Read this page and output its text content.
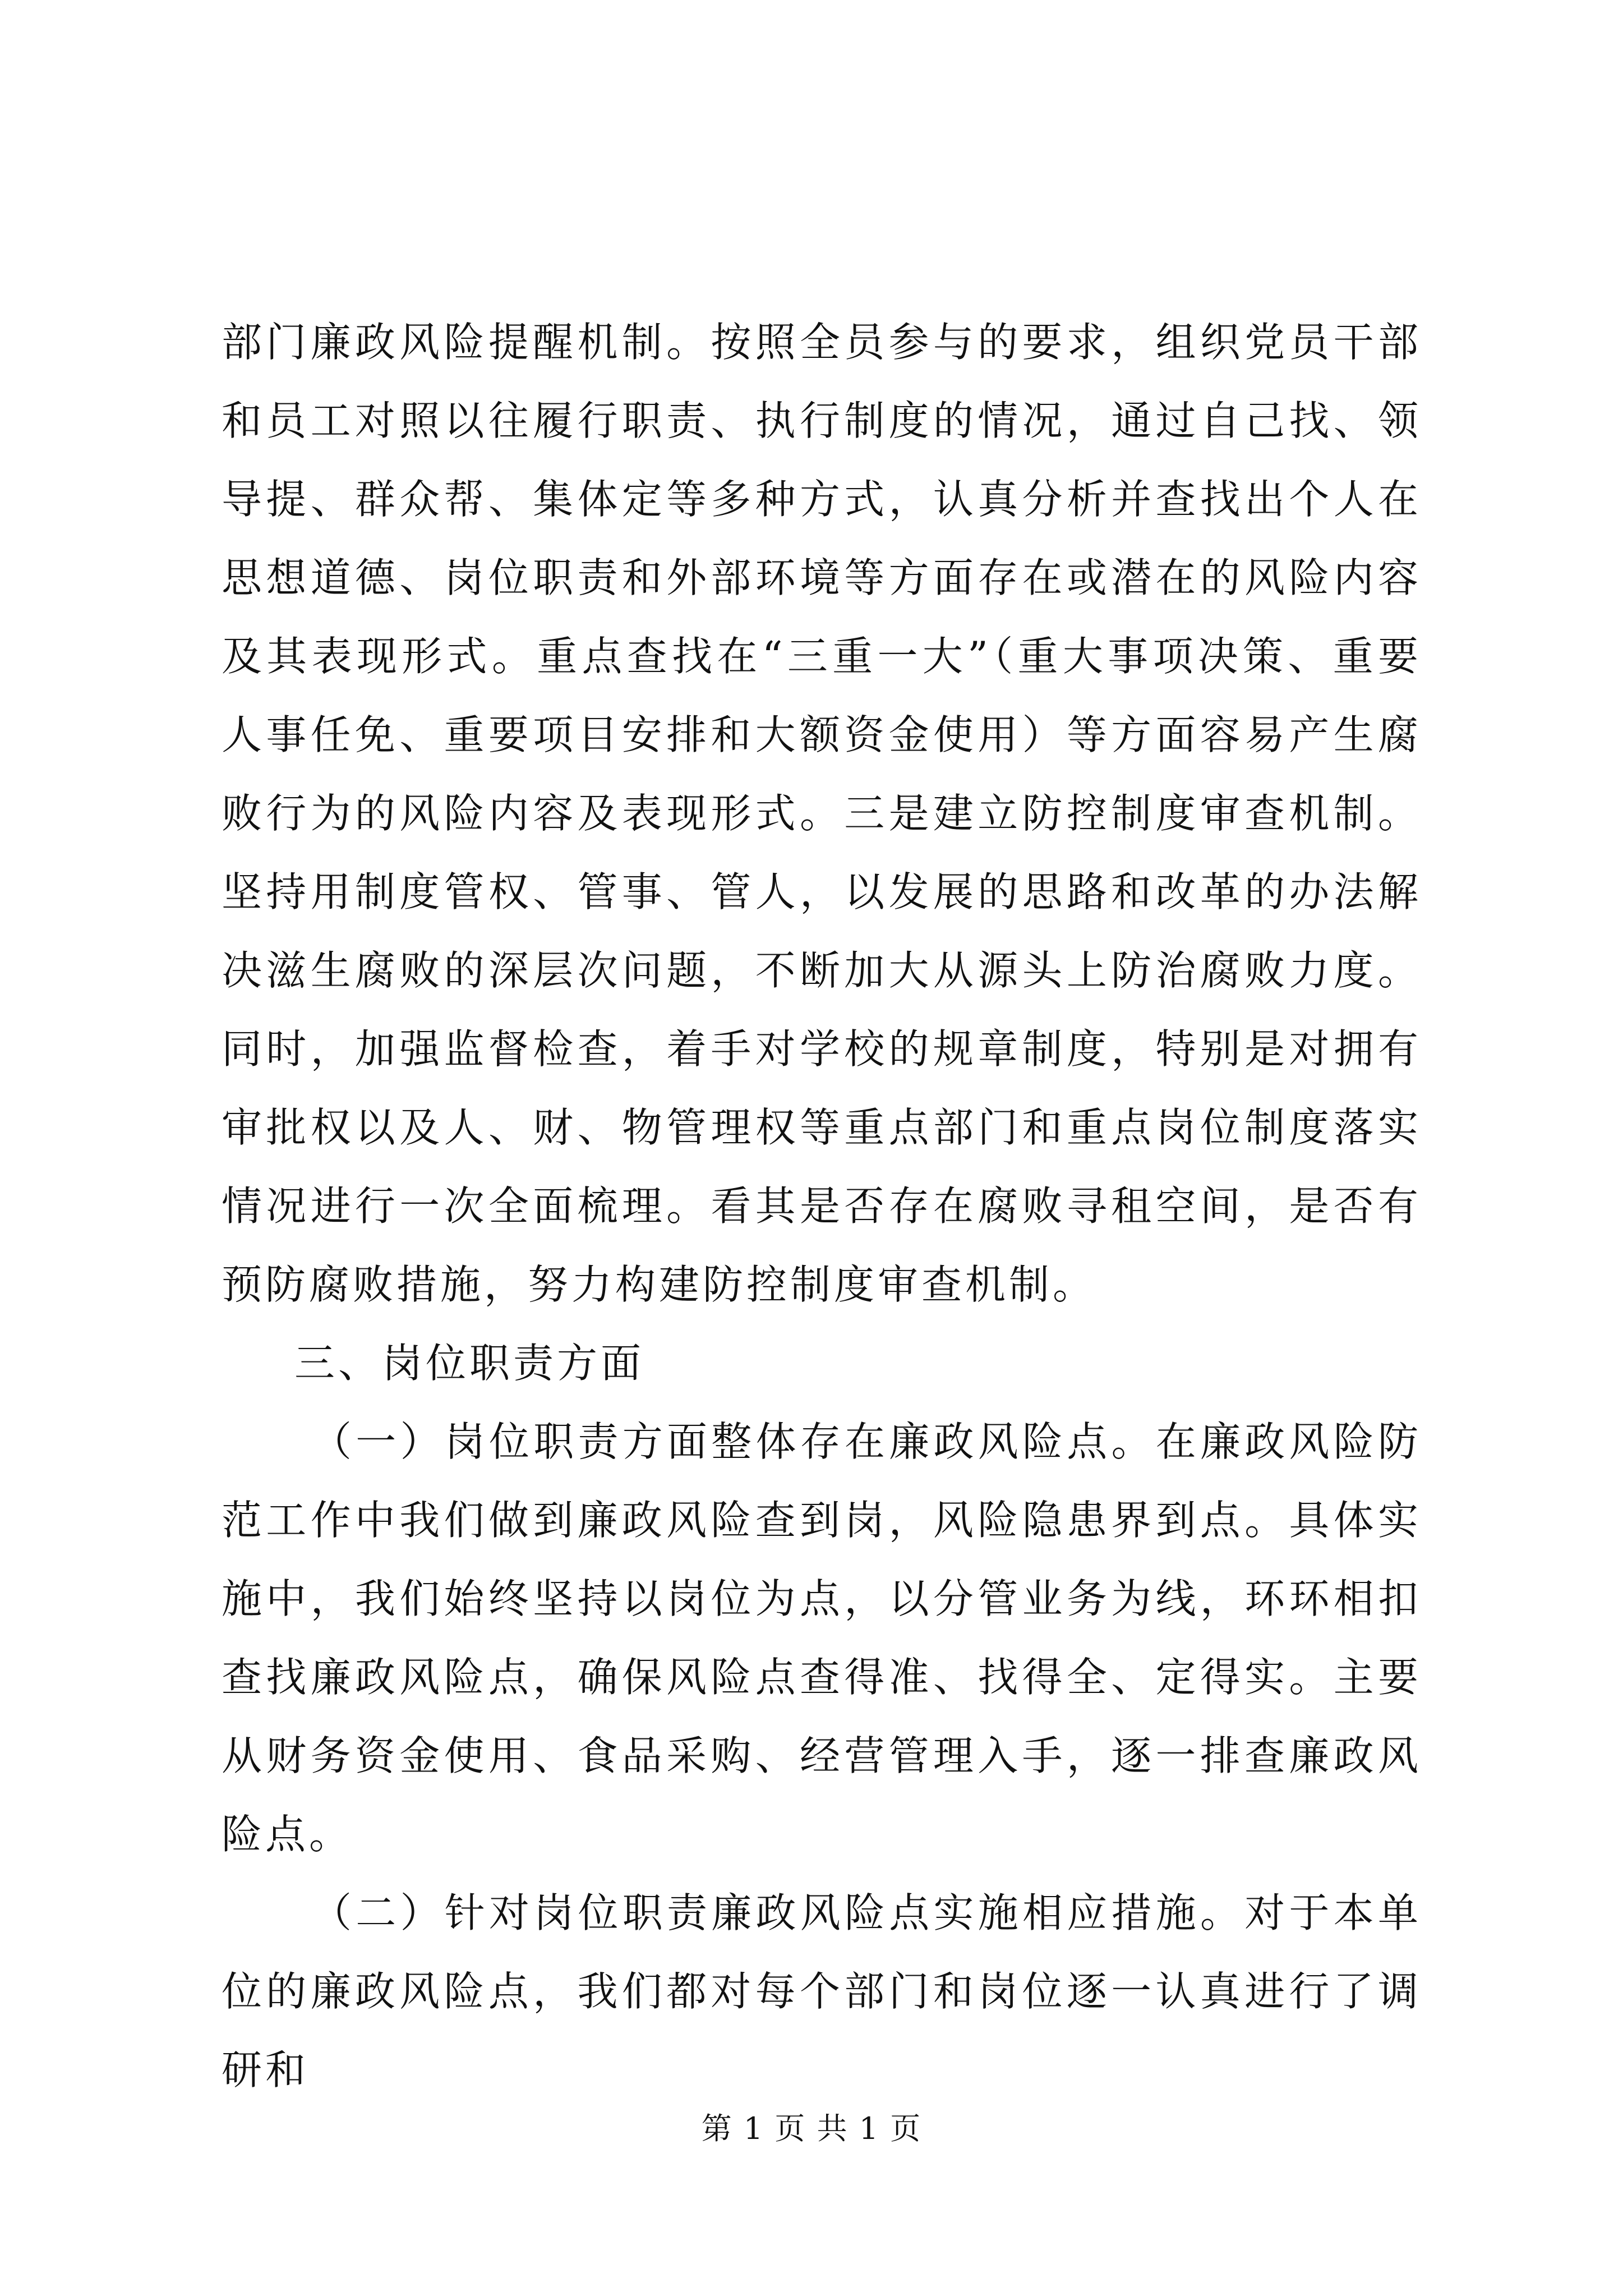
部门廉政风险提醒机制。按照全员参与的要求，组织党员干部和员工对照以往履行职责、执行制度的情况，通过自己找、领导提、群众帮、集体定等多种方式，认真分析并查找出个人在思想道德、岗位职责和外部环境等方面存在或潜在的风险内容及其表现形式。重点查找在“三重一大”（重大事项决策、重要人事任免、重要项目安排和大额资金使用）等方面容易产生腐败行为的风险内容及表现形式。三是建立防控制度审查机制。坚持用制度管权、管事、管人，以发展的思路和改革的办法解决滋生腐败的深层次问题，不断加大从源头上防治腐败力度。同时，加强监督检查，着手对学校的规章制度，特别是对拥有审批权以及人、财、物管理权等重点部门和重点岗位制度落实情况进行一次全面梳理。看其是否存在腐败寻租空间，是否有预防腐败措施，努力构建防控制度审查机制。

三、岗位职责方面

（一）岗位职责方面整体存在廉政风险点。在廉政风险防范工作中我们做到廉政风险查到岗，风险隐患界到点。具体实施中，我们始终坚持以岗位为点，以分管业务为线，环环相扣查找廉政风险点，确保风险点查得准、找得全、定得实。主要从财务资金使用、食品采购、经营管理入手，逐一排查廉政风险点。

（二）针对岗位职责廉政风险点实施相应措施。对于本单位的廉政风险点，我们都对每个部门和岗位逐一认真进行了调研和

第 1 页 共 1 页
